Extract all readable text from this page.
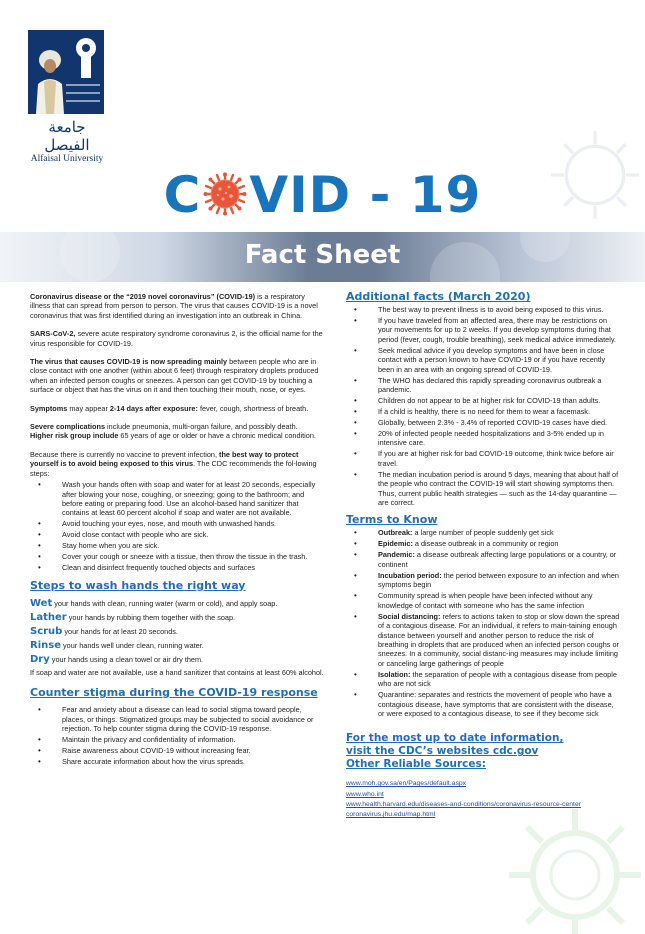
جامعة الفيصل
Alfaisal University
C VID - 19
Fact Sheet

Coronavirus disease or the “2019 novel coronavirus” (COVID-19) is a respiratory illness that can spread from person to person. The virus that causes COVID-19 is a novel coronavirus that was first identified during an investigation into an outbreak in China.

SARS-CoV-2, severe acute respiratory syndrome coronavirus 2, is the official name for the virus responsible for COVID-19.

The virus that causes COVID-19 is now spreading mainly between people who are in close contact with one another (within about 6 feet) through respiratory droplets produced when an infected person coughs or sneezes. A person can get COVID-19 by touching a surface or object that has the virus on it and then touching their mouth, nose, or eyes.

Symptoms may appear 2-14 days after exposure: fever, cough, shortness of breath.

Severe complications include pneumonia, multi-organ failure, and possibly death.

Higher risk group include 65 years of age or older or have a chronic medical condition.

Because there is currently no vaccine to prevent infection, the best way to protect yourself is to avoid being exposed to this virus. The CDC recommends the fol-lowing steps:

• Wash your hands often with soap and water for at least 20 seconds, especially after blowing your nose, coughing, or sneezing; going to the bathroom; and before eating or preparing food. Use an alcohol-based hand sanitizer that contains at least 60 percent alcohol if soap and water are not available.
• Avoid touching your eyes, nose, and mouth with unwashed hands.
• Avoid close contact with people who are sick.
• Stay home when you are sick.
• Cover your cough or sneeze with a tissue, then throw the tissue in the trash.
• Clean and disinfect frequently touched objects and surfaces
Steps to wash hands the right way
Wet your hands with clean, running water (warm or cold), and apply soap.
Lather your hands by rubbing them together with the soap.
Scrub your hands for at least 20 seconds.
Rinse your hands well under clean, running water.
Dry your hands using a clean towel or air dry them.

If soap and water are not available, use a hand sanitizer that contains at least 60% alcohol.

Counter stigma during the COVID-19 response
• Fear and anxiety about a disease can lead to social stigma toward people, places, or things. Stigmatized groups may be subjected to social avoidance or rejection. To help counter stigma during the COVID-19 response.
• Maintain the privacy and confidentiality of information.
• Raise awareness about COVID-19 without increasing fear.
• Share accurate information about how the virus spreads.
Additional facts (March 2020)
• The best way to prevent illness is to avoid being exposed to this virus.
• If you have traveled from an affected area, there may be restrictions on your movements for up to 2 weeks. If you develop symptoms during that period (fever, cough, trouble breathing), seek medical advice immediately.
• Seek medical advice if you develop symptoms and have been in close contact with a person known to have COVID-19 or if you have recently been in an area with an ongoing spread of COVID-19.
• The WHO has declared this rapidly spreading coronavirus outbreak a pandemic.
• Children do not appear to be at higher risk for COVID-19 than adults.
• If a child is healthy, there is no need for them to wear a facemask.
• Globally, between 2.3% - 3.4% of reported COVID-19 cases have died.
• 20% of infected people needed hospitalizations and 3-5% ended up in intensive care.
• If you are at higher risk for bad COVID-19 outcome, think twice before air travel.
• The median incubation period is around 5 days, meaning that about half of the people who contract the COVID-19 will start showing symptoms then. Thus, current public health strategies — such as the 14-day quarantine — are correct.
Terms to Know
• Outbreak: a large number of people suddenly get sick
• Epidemic: a disease outbreak in a community or region
• Pandemic: a disease outbreak affecting large populations or a country, or continent
• Incubation period: the period between exposure to an infection and when symptoms begin
• Community spread is when people have been infected without any knowledge of contact with someone who has the same infection
• Social distancing: refers to actions taken to stop or slow down the spread of a contagious disease. For an individual, it refers to main-taining enough distance between yourself and another person to reduce the risk of breathing in droplets that are produced when an infected person coughs or sneezes. In a community, social distanc-ing measures may include limiting or canceling large gatherings of people
• Isolation: the separation of people with a contagious disease from people who are not sick
• Quarantine: separates and restricts the movement of people who have a contagious disease, have symptoms that are consistent with the disease, or were exposed to a contagious disease, to see if they become sick
For the most up to date information,
visit the CDC’s websites cdc.gov
Other Reliable Sources:
www.moh.gov.sa/en/Pages/default.aspx
www.who.int
www.health.harvard.edu/diseases-and-conditions/coronavirus-resource-center
coronavirus.jhu.edu/map.html
